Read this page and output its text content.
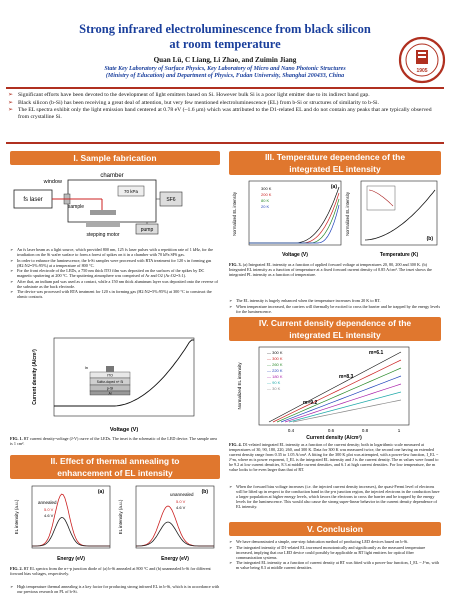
Strong infrared electroluminescence from black silicon
at room temperature
Quan Lü, C Liang, Li Zhao, and Zuimin Jiang
State Key Laboratory of Surface Physics, Key Laboratory of Micro and Nano Photonic Structures
(Ministry of Education) and Department of Physics, Fudan University, Shanghai 200433, China
1905
➢ Significant efforts have been devoted to the development of light emitters based on Si. However bulk Si is a poor light emitter due to its indirect band gap.
➢ Black silicon (b-Si) has been receiving a great deal of attention, but very few mentioned electroluminescence (EL) from b-Si or structures of similarity to b-Si.
➢ The EL spectra exhibit only the light emission band centered at 0.78 eV (~1.6 μm) which was attributed to the D1-related EL and do not contain any peaks that are typically observed from crystalline Si.
I. Sample fabrication
chamber
window
fs laser
sample
70 kPa
SF6
pump
stepping motor
➢ An fs laser beam as a light source, which provided 800 nm, 125 fs laser pulses with a repetition rate of 1 kHz, for the irradiation on the Si wafer surface to form a forest of spikes on it in a chamber with 70 kPa SF6 gas.
➢ In order to enhance the luminescence, the b-Si samples were processed with RTA treatment for 120 s in forming gas (H2:N2=5%:95%) at a temperature of 800 °C.
➢ For the front electrode of the LEDs, a 750 nm thick ITO film was deposited on the surfaces of the spikes by DC magnetic sputtering at 200 °C. The sputtering atmosphere was comprised of Ar and O2 (Ar:O2=3:1).
➢ After that, an indium pad was used as a contact, while a 150 nm thick aluminum layer was deposited onto the reverse of the substrate as the back electrode.
➢ The device was processed with RTA treatment for 120 s in forming gas (H2:N2=5%:95%) at 300 °C to construct the ohmic contacts.
Voltage (V)
Current density (A/cm²)	In
ITO
Sulfur-doped n+ Si
p-Si
Al
FIG. 1. RT current density-voltage (J-V) curve of the LEDs. The inset is the schematic of the LED device. The sample area is 1 cm².
II. Effect of thermal annealing to
enhancement of EL intensity
(a)	(b)
annealed
5.0 V
4.6 V
unannealed
5.0 V
4.6 V
Energy (eV)	Energy (eV)
EL intensity (a.u.)	EL intensity (a.u.)
FIG. 2. RT EL spectra from the n+-p junction diode of (a) b-Si annealed at 800 °C and (b) unannealed b-Si for different forward bias voltages, respectively.
➢ High temperature thermal annealing is a key factor for producing strong infrared EL in b-Si, which is in accordance with our previous research on PL of b-Si.
III. Temperature dependence of the
integrated EL intensity
(a)
(b)
300 K
200 K
80 K
20 K
Voltage (V)	Temperature (K)
Normalized EL intensity	Normalized EL intensity
FIG. 3. (a) Integrated EL intensity as a function of applied forward voltage at temperatures 20, 80, 200 and 300 K. (b) Integrated EL intensity as a function of temperature at a fixed forward current density of 0.85 A/cm². The inset shows the integrated PL intensity as a function of temperature.
➢ The EL intensity is hugely enhanced when the temperature increases from 20 K to RT.
➢ When temperature increased, the carriers will thermally be excited to cross the barrier and be trapped by the energy levels for the luminescence.
IV. Current density dependence of the
integrated EL intensity
— 300 K
— 300 K
— 260 K
— 220 K
— 180 K
— 90 K
— 30 K
m=6.1
m=8.3
m=9.2
0.4	0.6	0.8	1
Current density (A/cm²)
Normalized EL intensity
FIG. 4. D1-related integrated EL intensity as a function of the current density; both in logarithmic scale measured at temperatures of 30, 90, 180, 220, 260, and 300 K. Data for 300 K was measured twice, the second one having an extended current density range from 0.35 to 1.05 A/cm². A fitting for the 300 K plot was attempted, with a power-law function, I_EL ~ J^m, where m is power exponent, I_EL is the integrated EL intensity and J is the current density. The m values were found to be 9.2 at low current densities, 8.3 at middle current densities, and 6.1 at high current densities. For low temperature, the m value looks to be even larger than that of RT.
➢ When the forward bias voltage increases (i.e. the injected current density increases), the quasi-Fermi level of electrons will be lifted up in respect to the conduction band in the p-n junction region, the injected electrons in the conduction have a larger population at higher energy levels, which favors the electrons to cross the barrier and be trapped by the energy levels for the luminescence. This would also cause the strong super-linear behavior in the current density dependence of EL intensity.
V. Conclusion
➢ We have demonstrated a simple, one-step fabrication method of producing LED devices based on b-Si.
➢ The integrated intensity of D1-related EL increased monotonically and significantly as the measured temperature increased, implying that our LED device could possibly be applicable as RT light emitters for optical fiber communication systems.
➢ The integrated EL intensity as a function of current density at RT was fitted with a power-law function, I_EL ~ J^m, with m value being 8.3 at middle current densities.
